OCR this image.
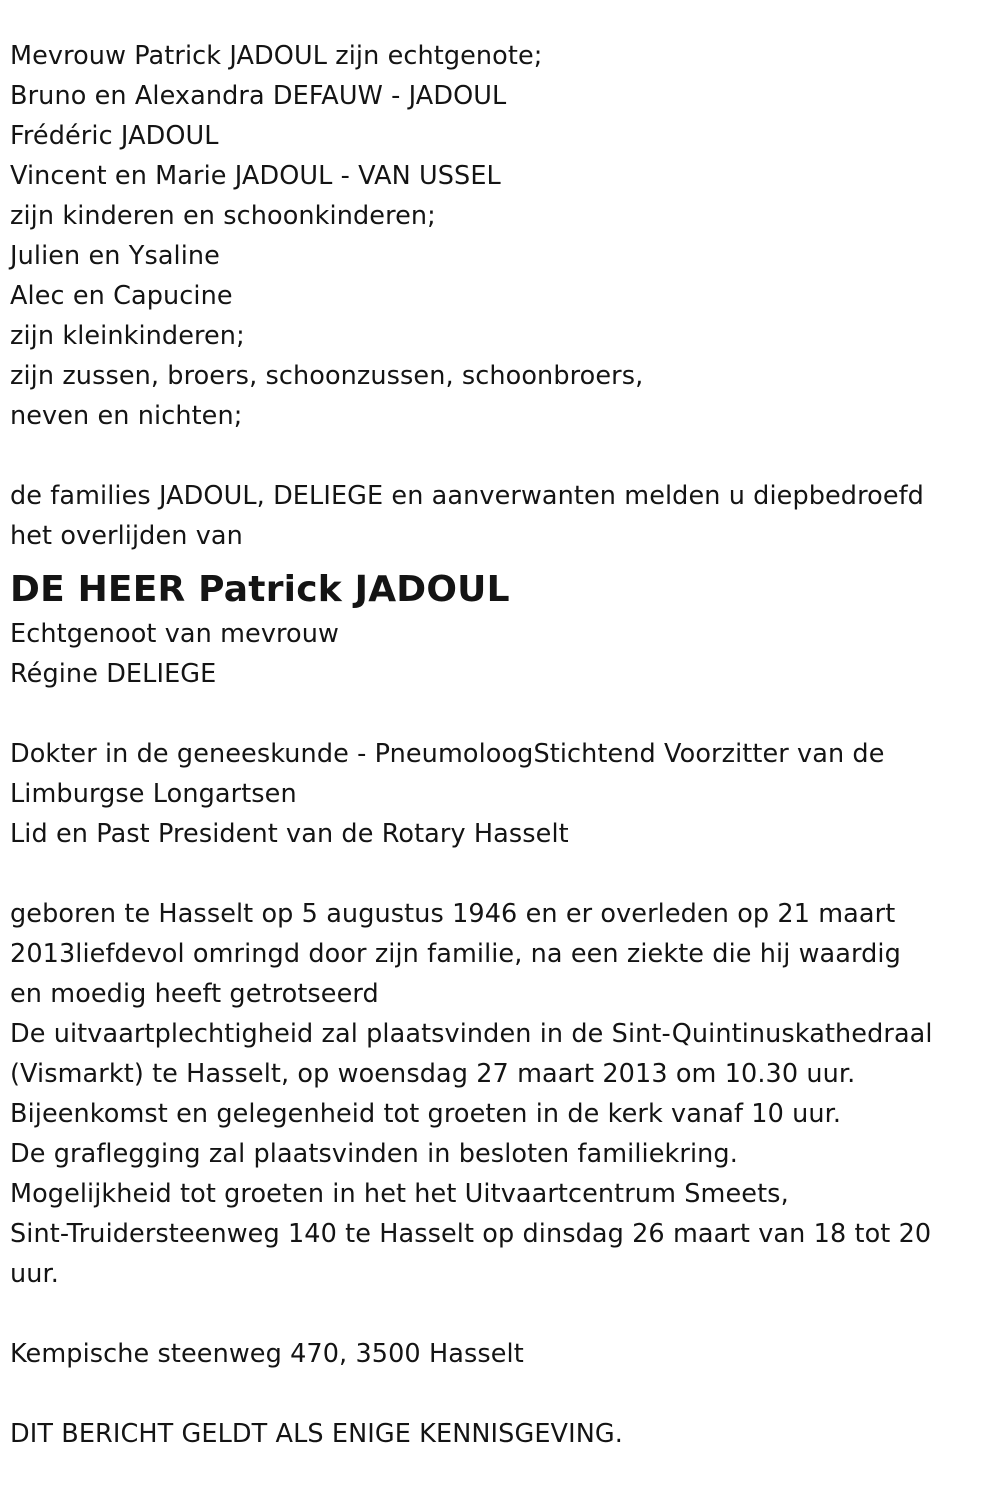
Mevrouw Patrick JADOUL zijn echtgenote;
Bruno en Alexandra DEFAUW - JADOUL
Frédéric JADOUL
Vincent en Marie JADOUL - VAN USSEL
zijn kinderen en schoonkinderen;
Julien en Ysaline
Alec en Capucine
zijn kleinkinderen;
zijn zussen, broers, schoonzussen, schoonbroers,
neven en nichten;
de families JADOUL, DELIEGE en aanverwanten melden u diepbedroefd
het overlijden van
DE HEER Patrick JADOUL
Echtgenoot van mevrouw
Régine DELIEGE
Dokter in de geneeskunde - PneumoloogStichtend Voorzitter van de
Limburgse Longartsen
Lid en Past President van de Rotary Hasselt
geboren te Hasselt op 5 augustus 1946 en er overleden op 21 maart
2013liefdevol omringd door zijn familie, na een ziekte die hij waardig
en moedig heeft getrotseerd
De uitvaartplechtigheid zal plaatsvinden in de Sint-Quintinuskathedraal
(Vismarkt) te Hasselt, op woensdag 27 maart 2013 om 10.30 uur.
Bijeenkomst en gelegenheid tot groeten in de kerk vanaf 10 uur.
De graflegging zal plaatsvinden in besloten familiekring.
Mogelijkheid tot groeten in het het Uitvaartcentrum Smeets,
Sint-Truidersteenweg 140 te Hasselt op dinsdag 26 maart van 18 tot 20
uur.
Kempische steenweg 470, 3500 Hasselt
DIT BERICHT GELDT ALS ENIGE KENNISGEVING.
